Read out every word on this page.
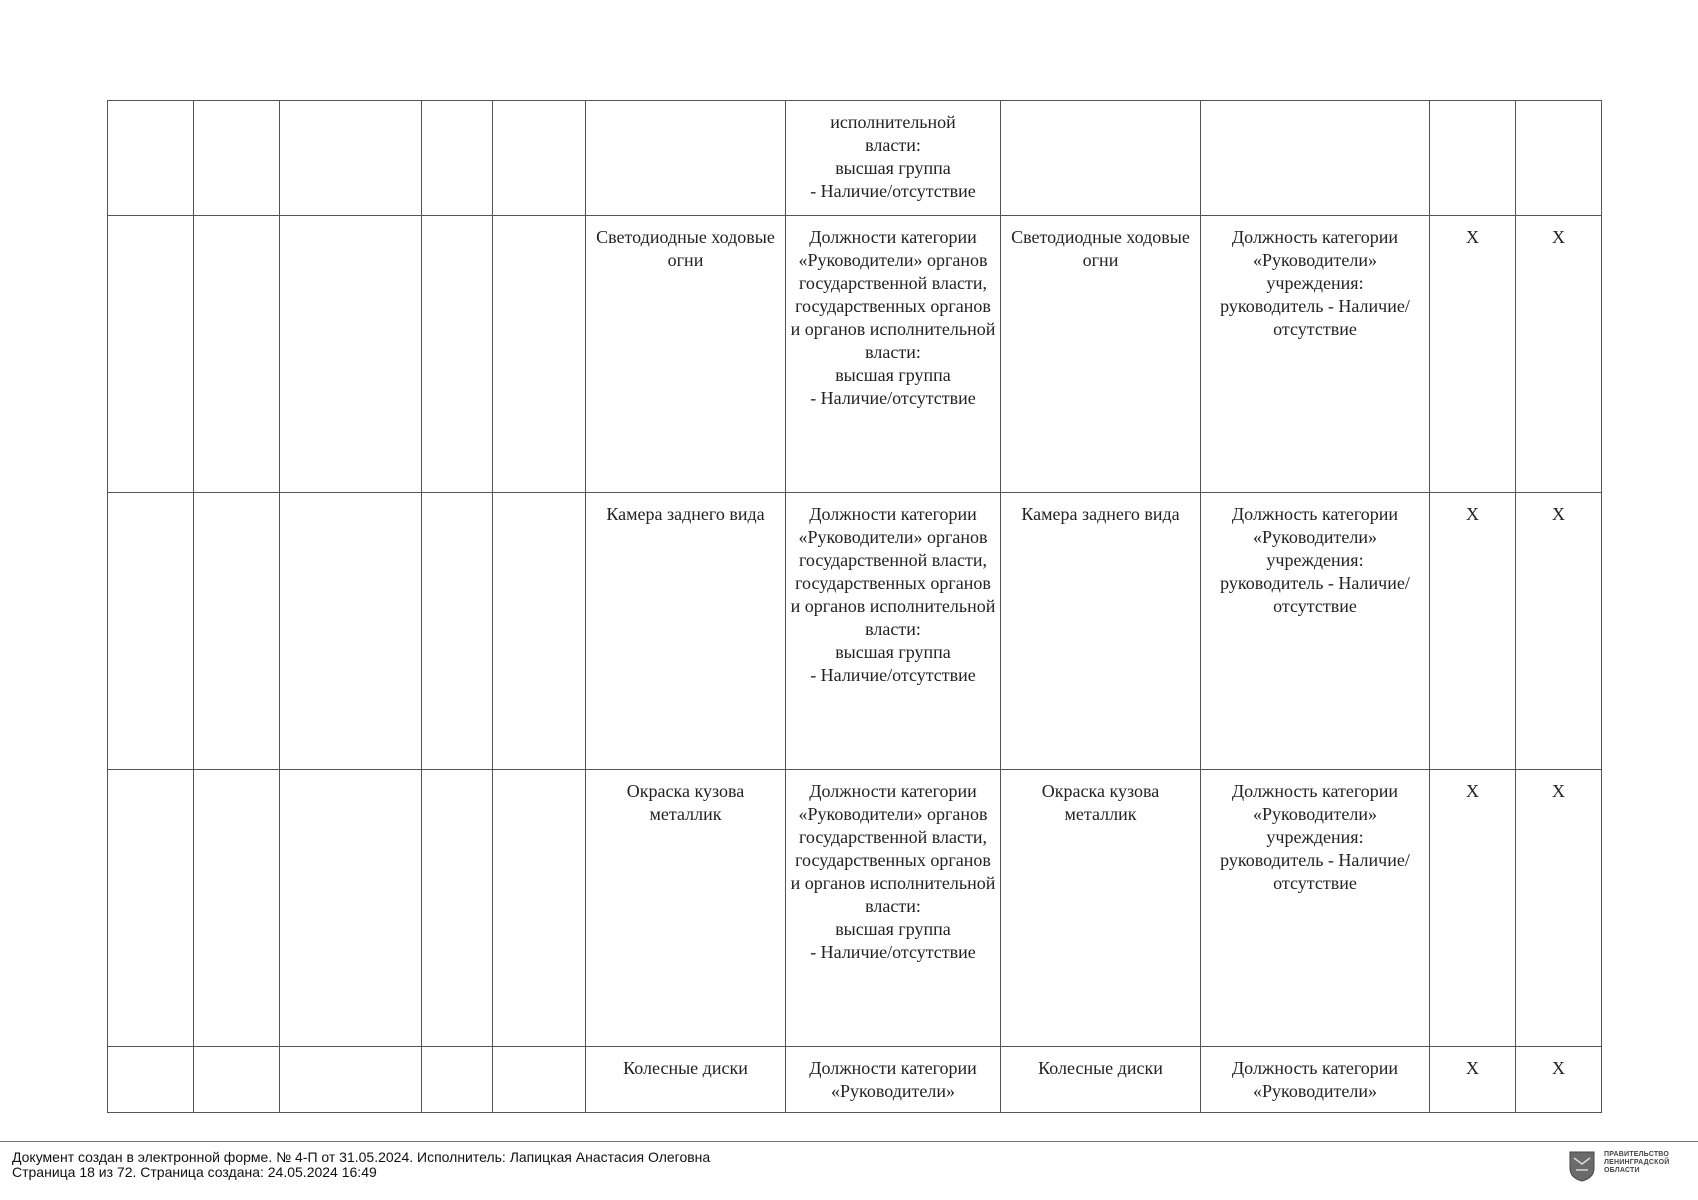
						исполнительной
власти:
высшая группа
- Наличие/отсутствие				
					Светодиодные ходовые огни	Должности категории «Руководители» органов государственной власти, государственных органов и органов исполнительной власти:
высшая группа
- Наличие/отсутствие	Светодиодные ходовые огни	Должность категории «Руководители» учреждения:
руководитель - Наличие/отсутствие	X	X
					Камера заднего вида	Должности категории «Руководители» органов государственной власти, государственных органов и органов исполнительной власти:
высшая группа
- Наличие/отсутствие	Камера заднего вида	Должность категории «Руководители» учреждения:
руководитель - Наличие/отсутствие	X	X
					Окраска кузова металлик	Должности категории «Руководители» органов государственной власти, государственных органов и органов исполнительной власти:
высшая группа
- Наличие/отсутствие	Окраска кузова металлик	Должность категории «Руководители» учреждения:
руководитель - Наличие/отсутствие	X	X
					Колесные диски	Должности категории «Руководители»	Колесные диски	Должность категории «Руководители»	X	X
Документ создан в электронной форме. № 4-П от 31.05.2024. Исполнитель: Лапицкая Анастасия Олеговна
Страница 18 из 72. Страница создана: 24.05.2024 16:49
ПРАВИТЕЛЬСТВО
ЛЕНИНГРАДСКОЙ
ОБЛАСТИ
